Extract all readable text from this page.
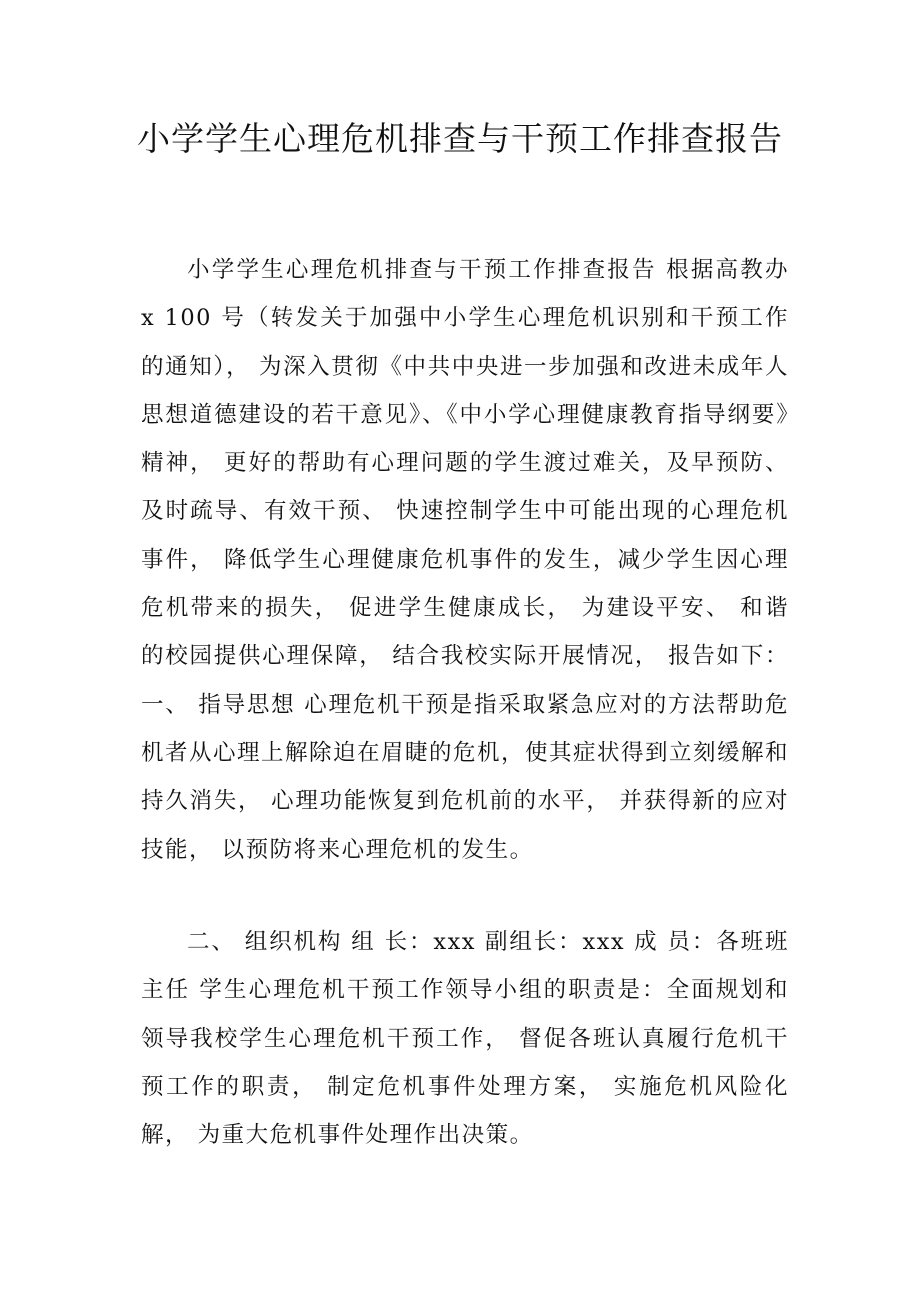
小学学生心理危机排查与干预工作排查报告

小学学生心理危机排查与干预工作排查报告 根据高教办 x 100 号（转发关于加强中小学生心理危机识别和干预工作的通知）， 为深入贯彻《中共中央进一步加强和改进未成年人思想道德建设的若干意见》、《中小学心理健康教育指导纲要》精神， 更好的帮助有心理问题的学生渡过难关，及早预防、 及时疏导、有效干预、 快速控制学生中可能出现的心理危机事件， 降低学生心理健康危机事件的发生，减少学生因心理危机带来的损失， 促进学生健康成长， 为建设平安、 和谐的校园提供心理保障， 结合我校实际开展情况， 报告如下：一、 指导思想 心理危机干预是指采取紧急应对的方法帮助危机者从心理上解除迫在眉睫的危机，使其症状得到立刻缓解和持久消失， 心理功能恢复到危机前的水平， 并获得新的应对技能， 以预防将来心理危机的发生。

二、 组织机构 组 长：xxx 副组长：xxx 成 员：各班班主任 学生心理危机干预工作领导小组的职责是：全面规划和领导我校学生心理危机干预工作， 督促各班认真履行危机干预工作的职责， 制定危机事件处理方案， 实施危机风险化解， 为重大危机事件处理作出决策。
